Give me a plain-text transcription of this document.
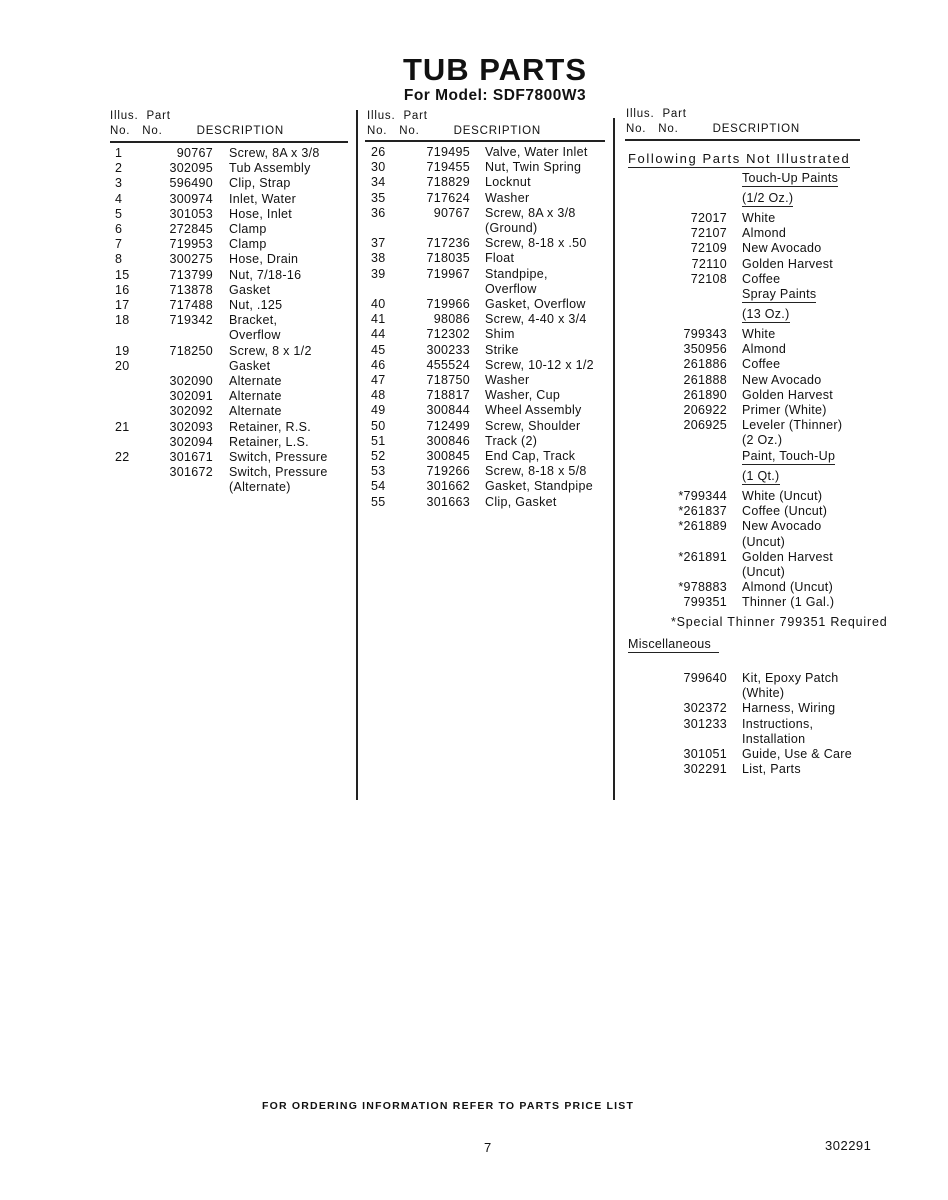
TUB PARTS
For Model: SDF7800W3
Illus. Part
No. No.	DESCRIPTION
Illus. Part
No. No.	DESCRIPTION
Illus. Part
No. No.	DESCRIPTION
1	90767 Screw, 8A x 3/8
2	302095 Tub Assembly
3	596490 Clip, Strap
4	300974 Inlet, Water
5	301053 Hose, Inlet
6	272845 Clamp
7	719953 Clamp
8	300275 Hose, Drain
15	713799 Nut, 7/18-16
16	713878 Gasket
17	717488 Nut, .125
18	719342 Bracket,
Overflow
19	718250 Screw, 8 x 1/2
20	Gasket
302090 Alternate
302091 Alternate
302092 Alternate
21	302093 Retainer, R.S.
302094 Retainer, L.S.
22	301671 Switch, Pressure
301672 Switch, Pressure
(Alternate)
26	719495 Valve, Water Inlet
30	719455 Nut, Twin Spring
34	718829 Locknut
35	717624 Washer
36	90767 Screw, 8A x 3/8
(Ground)
37	717236 Screw, 8-18 x .50
38	718035 Float
39	719967 Standpipe,
Overflow
40	719966 Gasket, Overflow
41	98086 Screw, 4-40 x 3/4
44	712302 Shim
45	300233 Strike
46	455524 Screw, 10-12 x 1/2
47	718750 Washer
48	718817 Washer, Cup
49	300844 Wheel Assembly
50	712499 Screw, Shoulder
51	300846 Track (2)
52	300845 End Cap, Track
53	719266 Screw, 8-18 x 5/8
54	301662 Gasket, Standpipe
55	301663 Clip, Gasket
Following Parts Not Illustrated
Touch-Up Paints
(1/2 Oz.)
72017 White
72107 Almond
72109 New Avocado
72110 Golden Harvest
72108 Coffee
Spray Paints
(13 Oz.)
799343 White
350956 Almond
261886 Coffee
261888 New Avocado
261890 Golden Harvest
206922 Primer (White)
206925 Leveler (Thinner)
(2 Oz.)
Paint, Touch-Up
(1 Qt.)
*799344 White (Uncut)
*261837 Coffee (Uncut)
*261889 New Avocado
(Uncut)
*261891 Golden Harvest
(Uncut)
*978883 Almond (Uncut)
799351 Thinner (1 Gal.)
*Special Thinner 799351 Required
Miscellaneous
799640 Kit, Epoxy Patch
(White)
302372 Harness, Wiring
301233 Instructions,
Installation
301051 Guide, Use & Care
302291 List, Parts
FOR ORDERING INFORMATION REFER TO PARTS PRICE LIST
7	302291
